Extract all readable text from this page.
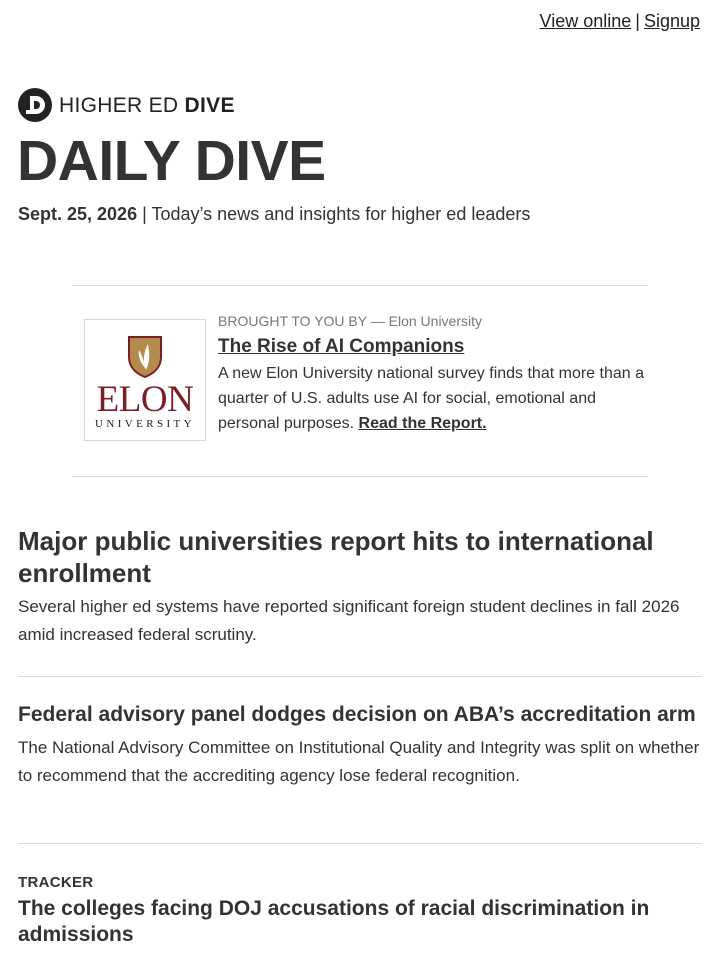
View online | Signup
HIGHER ED DIVE
DAILY DIVE
Sept. 25, 2026 | Today’s news and insights for higher ed leaders
ELON
UNIVERSITY
BROUGHT TO YOU BY — Elon University
The Rise of AI Companions
A new Elon University national survey finds that more than a quarter of U.S. adults use AI for social, emotional and personal purposes. Read the Report.
Major public universities report hits to international enrollment

Several higher ed systems have reported significant foreign student declines in fall 2026 amid increased federal scrutiny.

Federal advisory panel dodges decision on ABA’s accreditation arm

The National Advisory Committee on Institutional Quality and Integrity was split on whether to recommend that the accrediting agency lose federal recognition.

TRACKER
The colleges facing DOJ accusations of racial discrimination in admissions
